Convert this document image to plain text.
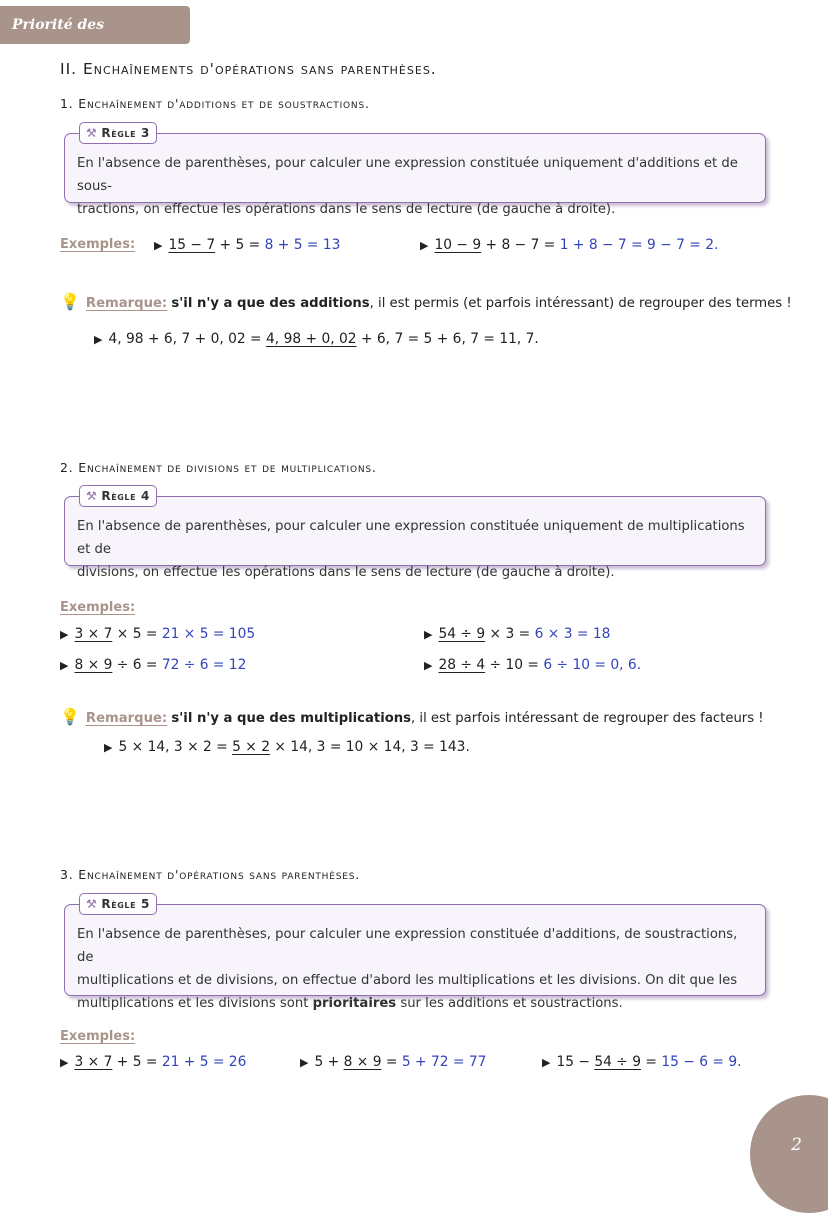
Priorité des opérations
II. Enchaînements d'opérations sans parenthèses.
1. Enchaînement d'additions et de soustractions.
⚒ Règle 3
En l'absence de parenthèses, pour calculer une expression constituée uniquement d'additions et de sous-
tractions, on effectue les opérations dans le sens de lecture (de gauche à droite).
Exemples: ▶ 15 − 7 + 5 = 8 + 5 = 13	▶ 10 − 9 + 8 − 7 = 1 + 8 − 7 = 9 − 7 = 2.
💡 Remarque: s'il n'y a que des additions, il est permis (et parfois intéressant) de regrouper des termes !
▶ 4, 98 + 6, 7 + 0, 02 = 4, 98 + 0, 02 + 6, 7 = 5 + 6, 7 = 11, 7.
2. Enchaînement de divisions et de multiplications.
⚒ Règle 4
En l'absence de parenthèses, pour calculer une expression constituée uniquement de multiplications et de
divisions, on effectue les opérations dans le sens de lecture (de gauche à droite).
Exemples:
▶ 3 × 7 × 5 = 21 × 5 = 105	▶ 54 ÷ 9 × 3 = 6 × 3 = 18
▶ 8 × 9 ÷ 6 = 72 ÷ 6 = 12	▶ 28 ÷ 4 ÷ 10 = 6 ÷ 10 = 0, 6.
💡 Remarque: s'il n'y a que des multiplications, il est parfois intéressant de regrouper des facteurs !
▶ 5 × 14, 3 × 2 = 5 × 2 × 14, 3 = 10 × 14, 3 = 143.
3. Enchaînement d'opérations sans parenthèses.
⚒ Règle 5
En l'absence de parenthèses, pour calculer une expression constituée d'additions, de soustractions, de
multiplications et de divisions, on effectue d'abord les multiplications et les divisions. On dit que les
multiplications et les divisions sont prioritaires sur les additions et soustractions.
Exemples:
▶ 3 × 7 + 5 = 21 + 5 = 26	▶ 5 + 8 × 9 = 5 + 72 = 77	▶ 15 − 54 ÷ 9 = 15 − 6 = 9.
2
